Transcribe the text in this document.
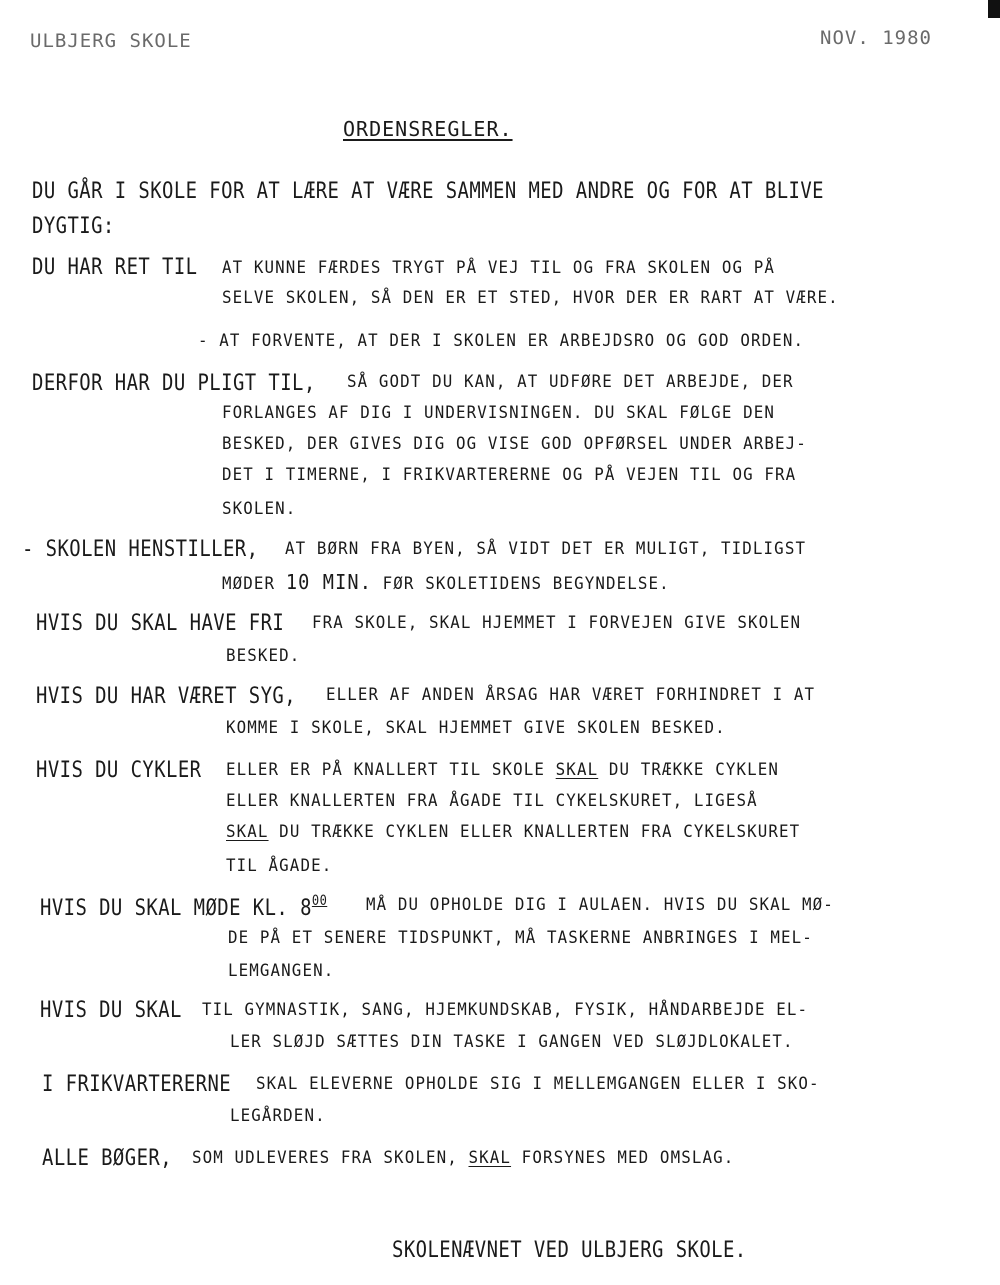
ULBJERG SKOLE	NOV. 1980
ORDENSREGLER.
DU GÅR I SKOLE FOR AT LÆRE AT VÆRE SAMMEN MED ANDRE OG FOR AT BLIVE
DYGTIG:
DU HAR RET TIL AT KUNNE FÆRDES TRYGT PÅ VEJ TIL OG FRA SKOLEN OG PÅ
SELVE SKOLEN, SÅ DEN ER ET STED, HVOR DER ER RART AT VÆRE.
- AT FORVENTE, AT DER I SKOLEN ER ARBEJDSRO OG GOD ORDEN.
DERFOR HAR DU PLIGT TIL, SÅ GODT DU KAN, AT UDFØRE DET ARBEJDE, DER
FORLANGES AF DIG I UNDERVISNINGEN. DU SKAL FØLGE DEN
BESKED, DER GIVES DIG OG VISE GOD OPFØRSEL UNDER ARBEJ-
DET I TIMERNE, I FRIKVARTERERNE OG PÅ VEJEN TIL OG FRA
SKOLEN.
- SKOLEN HENSTILLER, AT BØRN FRA BYEN, SÅ VIDT DET ER MULIGT, TIDLIGST
MØDER 10 MIN. FØR SKOLETIDENS BEGYNDELSE.
HVIS DU SKAL HAVE FRI FRA SKOLE, SKAL HJEMMET I FORVEJEN GIVE SKOLEN
BESKED.
HVIS DU HAR VÆRET SYG, ELLER AF ANDEN ÅRSAG HAR VÆRET FORHINDRET I AT
KOMME I SKOLE, SKAL HJEMMET GIVE SKOLEN BESKED.
HVIS DU CYKLER ELLER ER PÅ KNALLERT TIL SKOLE SKAL DU TRÆKKE CYKLEN
ELLER KNALLERTEN FRA ÅGADE TIL CYKELSKURET, LIGESÅ
SKAL DU TRÆKKE CYKLEN ELLER KNALLERTEN FRA CYKELSKURET
TIL ÅGADE.
HVIS DU SKAL MØDE KL. $8^{00}$ MÅ DU OPHOLDE DIG I AULAEN. HVIS DU SKAL MØ-
DE PÅ ET SENERE TIDSPUNKT, MÅ TASKERNE ANBRINGES I MEL-
LEMGANGEN.
HVIS DU SKAL TIL GYMNASTIK, SANG, HJEMKUNDSKAB, FYSIK, HÅNDARBEJDE EL-
LER SLØJD SÆTTES DIN TASKE I GANGEN VED SLØJDLOKALET.
I FRIKVARTERERNE SKAL ELEVERNE OPHOLDE SIG I MELLEMGANGEN ELLER I SKO-
LEGÅRDEN.
ALLE BØGER, SOM UDLEVERES FRA SKOLEN, SKAL FORSYNES MED OMSLAG.
SKOLENÆVNET VED ULBJERG SKOLE.
